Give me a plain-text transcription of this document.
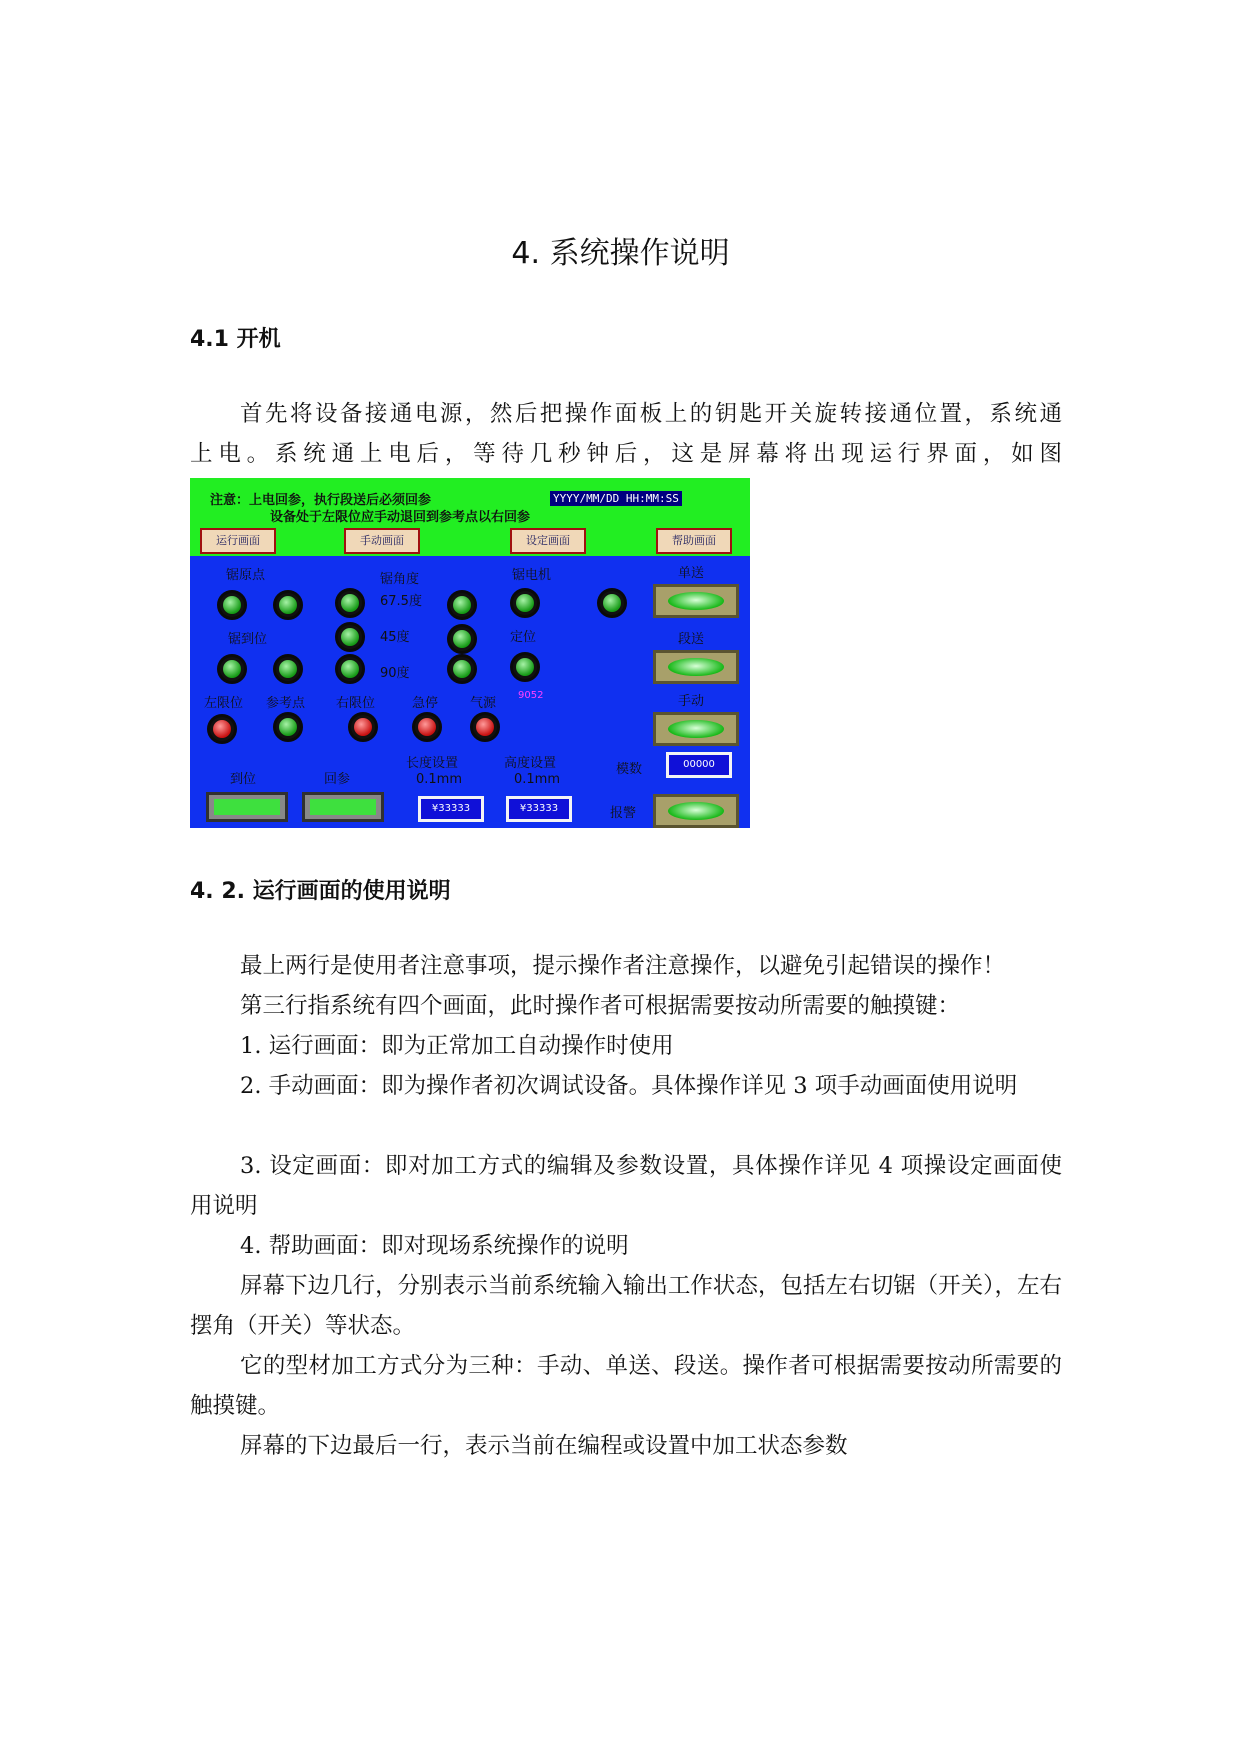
4. 系统操作说明
4.1 开机
首先将设备接通电源，然后把操作面板上的钥匙开关旋转接通位置，系统通
上电。系统通上电后，等待几秒钟后，这是屏幕将出现运行界面，如图
注意：上电回参，执行段送后必须回参
设备处于左限位应手动退回到参考点以右回参
YYYY/MM/DD HH:MM:SS
运行画面	手动画面	设定画面	帮助画面
锯原点	锯角度	锯电机	单送
67.5度
锯到位	45度	定位	段送
90度
左限位 参考点 右限位	急停 气源
9052	手动
到位	回参
长度设置
0.1mm
高度设置
0.1mm
模数	00000
¥33333	¥33333	报警
4. 2. 运行画面的使用说明
最上两行是使用者注意事项，提示操作者注意操作，以避免引起错误的操作！
第三行指系统有四个画面，此时操作者可根据需要按动所需要的触摸键：
1. 运行画面：即为正常加工自动操作时使用
2. 手动画面：即为操作者初次调试设备。具体操作详见 3 项手动画面使用说明
3. 设定画面：即对加工方式的编辑及参数设置，具体操作详见 4 项操设定画面使用说明
4. 帮助画面：即对现场系统操作的说明
屏幕下边几行，分别表示当前系统输入输出工作状态，包括左右切锯（开关），左右摆角（开关）等状态。
它的型材加工方式分为三种：手动、单送、段送。操作者可根据需要按动所需要的触摸键。
屏幕的下边最后一行，表示当前在编程或设置中加工状态参数
